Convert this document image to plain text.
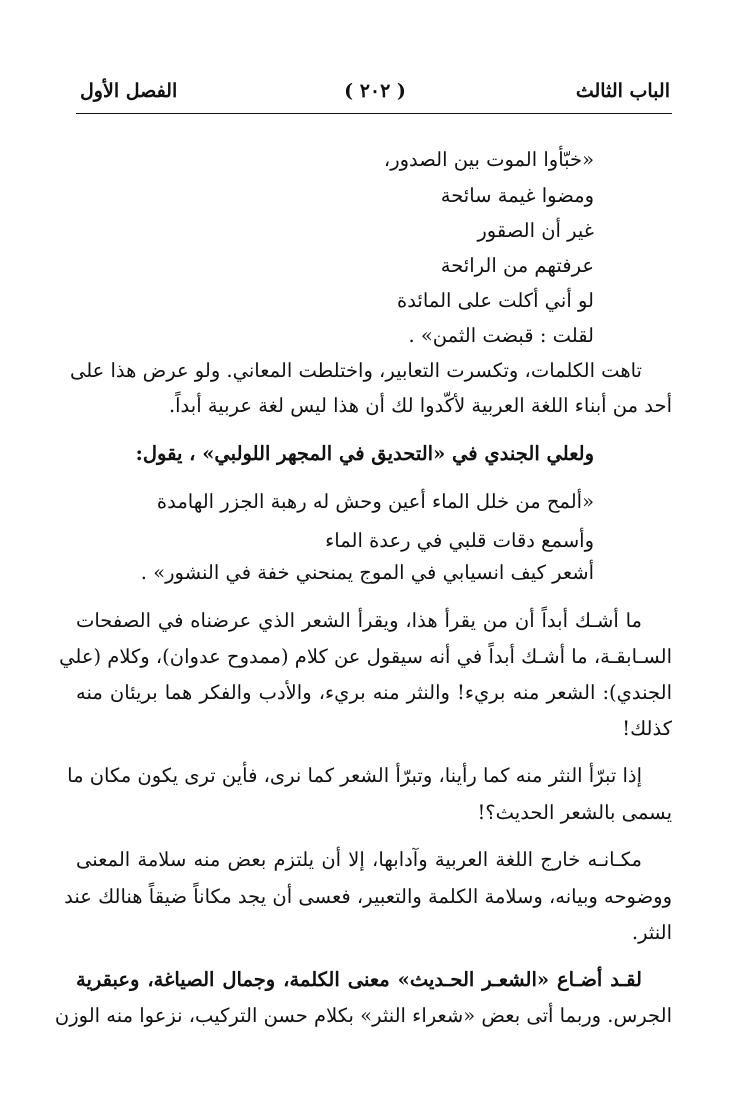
الباب الثالث
( ٢٠٢ )
الفصل الأول
«خبّأوا الموت بين الصدور،
ومضوا غيمة سائحة
غير أن الصقور
عرفتهم من الرائحة
لو أني أكلت على المائدة
لقلت : قبضت الثمن» .
تاهت الكلمات، وتكسرت التعابير، واختلطت المعاني. ولو عرض هذا على
أحد من أبناء اللغة العربية لأكّدوا لك أن هذا ليس لغة عربية أبداً.
ولعلي الجندي في «التحديق في المجهر اللولبي» ، يقول:
«ألمح من خلل الماء أعين وحش له رهبة الجزر الهامدة
وأسمع دقات قلبي في رعدة الماء
أشعر كيف انسيابي في الموج يمنحني خفة في النشور» .
ما أشـك أبداً أن من يقرأ هذا، ويقرأ الشعر الذي عرضناه في الصفحات
السـابقـة، ما أشـك أبداً في أنه سيقول عن كلام (ممدوح عدوان)، وكلام (علي
الجندي): الشعر منه بريء! والنثر منه بريء، والأدب والفكر هما بريئان منه
كذلك!
إذا تبرّأ النثر منه كما رأينا، وتبرّأ الشعر كما نرى، فأين ترى يكون مكان ما
يسمى بالشعر الحديث؟!
مكـانـه خارج اللغة العربية وآدابها، إلا أن يلتزم بعض منه سلامة المعنى
ووضوحه وبيانه، وسلامة الكلمة والتعبير، فعسى أن يجد مكاناً ضيقاً هنالك عند
النثر.
لقـد أضـاع «الشعـر الحـديث» معنى الكلمة، وجمال الصياغة، وعبقرية
الجرس. وربما أتى بعض «شعراء النثر» بكلام حسن التركيب، نزعوا منه الوزن
